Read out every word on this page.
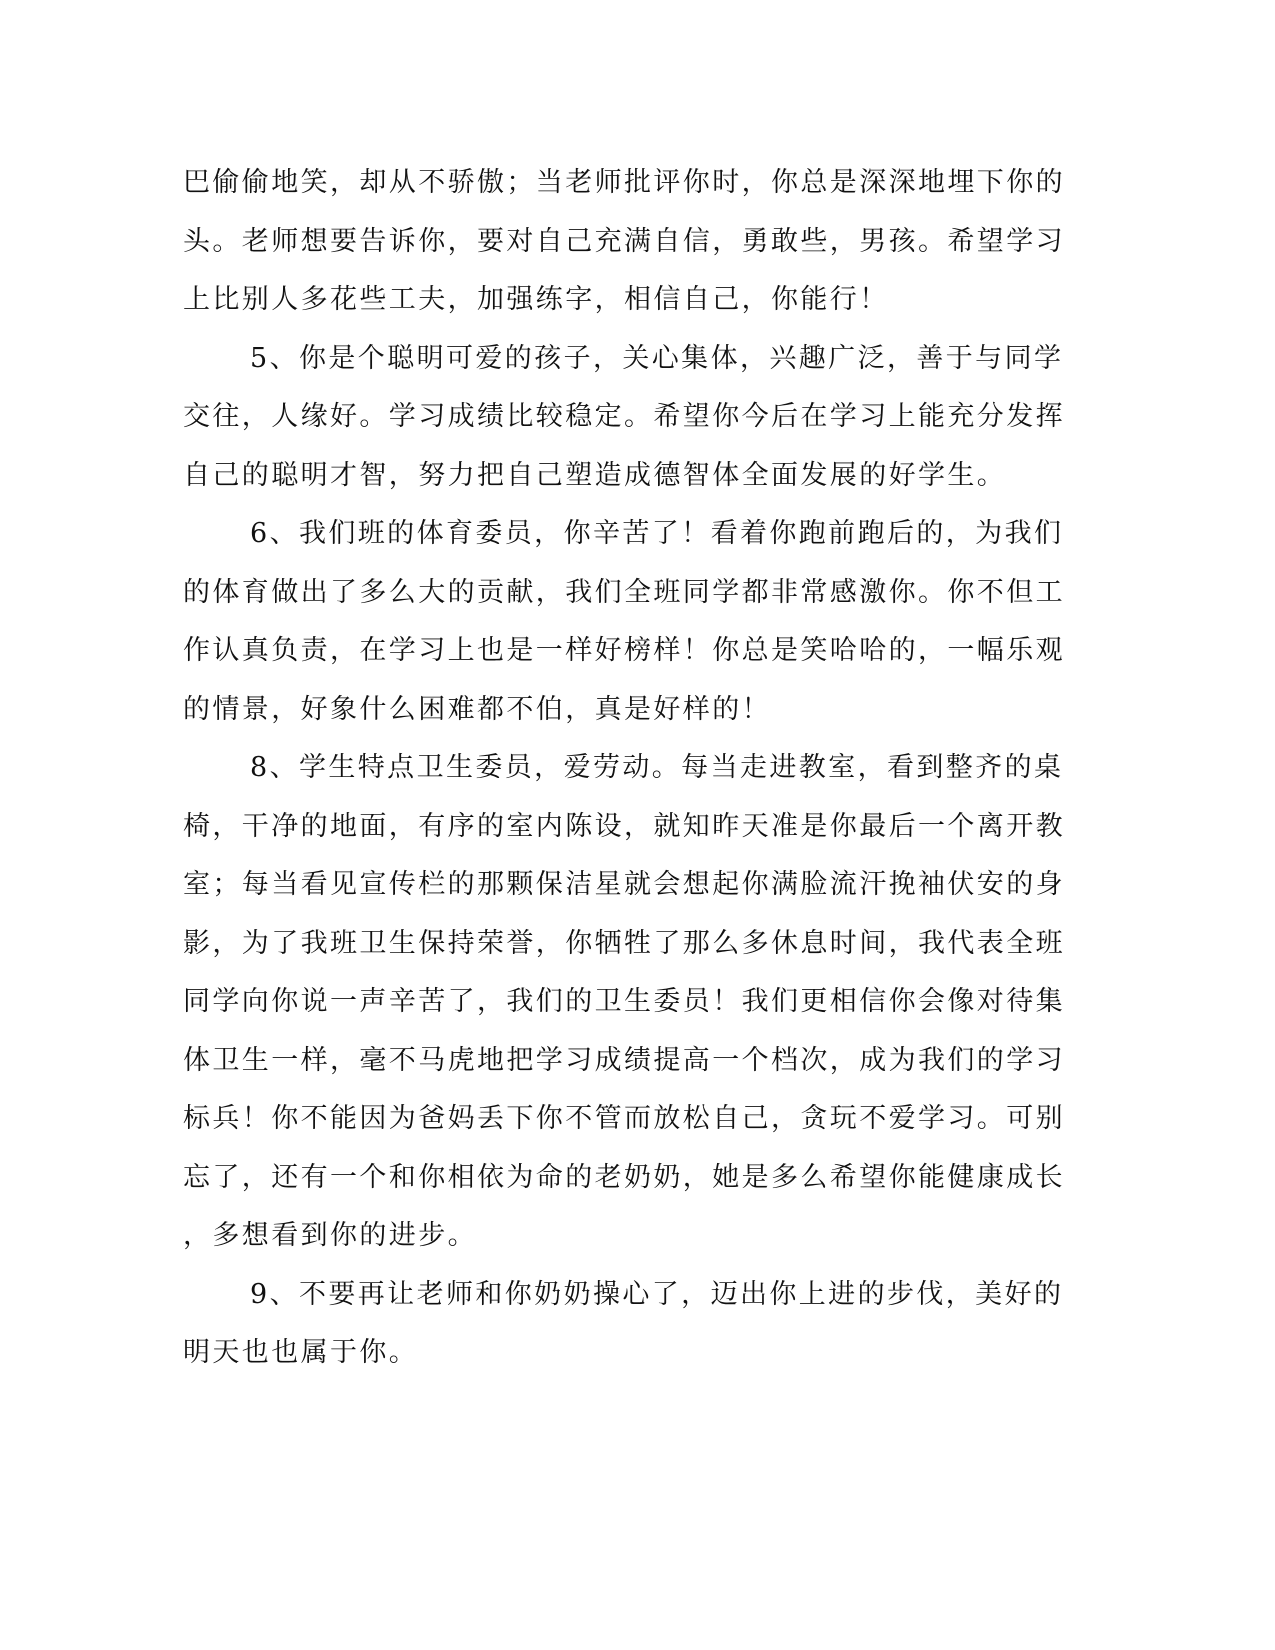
巴偷偷地笑，却从不骄傲；当老师批评你时，你总是深深地埋下你的
头。老师想要告诉你，要对自己充满自信，勇敢些，男孩。希望学习
上比别人多花些工夫，加强练字，相信自己，你能行！
5、你是个聪明可爱的孩子，关心集体，兴趣广泛，善于与同学
交往，人缘好。学习成绩比较稳定。希望你今后在学习上能充分发挥
自己的聪明才智，努力把自己塑造成德智体全面发展的好学生。
6、我们班的体育委员，你辛苦了！看着你跑前跑后的，为我们
的体育做出了多么大的贡献，我们全班同学都非常感激你。你不但工
作认真负责，在学习上也是一样好榜样！你总是笑哈哈的，一幅乐观
的情景，好象什么困难都不伯，真是好样的！
8、学生特点卫生委员，爱劳动。每当走进教室，看到整齐的桌
椅，干净的地面，有序的室内陈设，就知昨天准是你最后一个离开教
室；每当看见宣传栏的那颗保洁星就会想起你满脸流汗挽袖伏安的身
影，为了我班卫生保持荣誉，你牺牲了那么多休息时间，我代表全班
同学向你说一声辛苦了，我们的卫生委员！我们更相信你会像对待集
体卫生一样，毫不马虎地把学习成绩提高一个档次，成为我们的学习
标兵！你不能因为爸妈丢下你不管而放松自己，贪玩不爱学习。可别
忘了，还有一个和你相依为命的老奶奶，她是多么希望你能健康成长
，多想看到你的进步。
9、不要再让老师和你奶奶操心了，迈出你上进的步伐，美好的
明天也也属于你。
